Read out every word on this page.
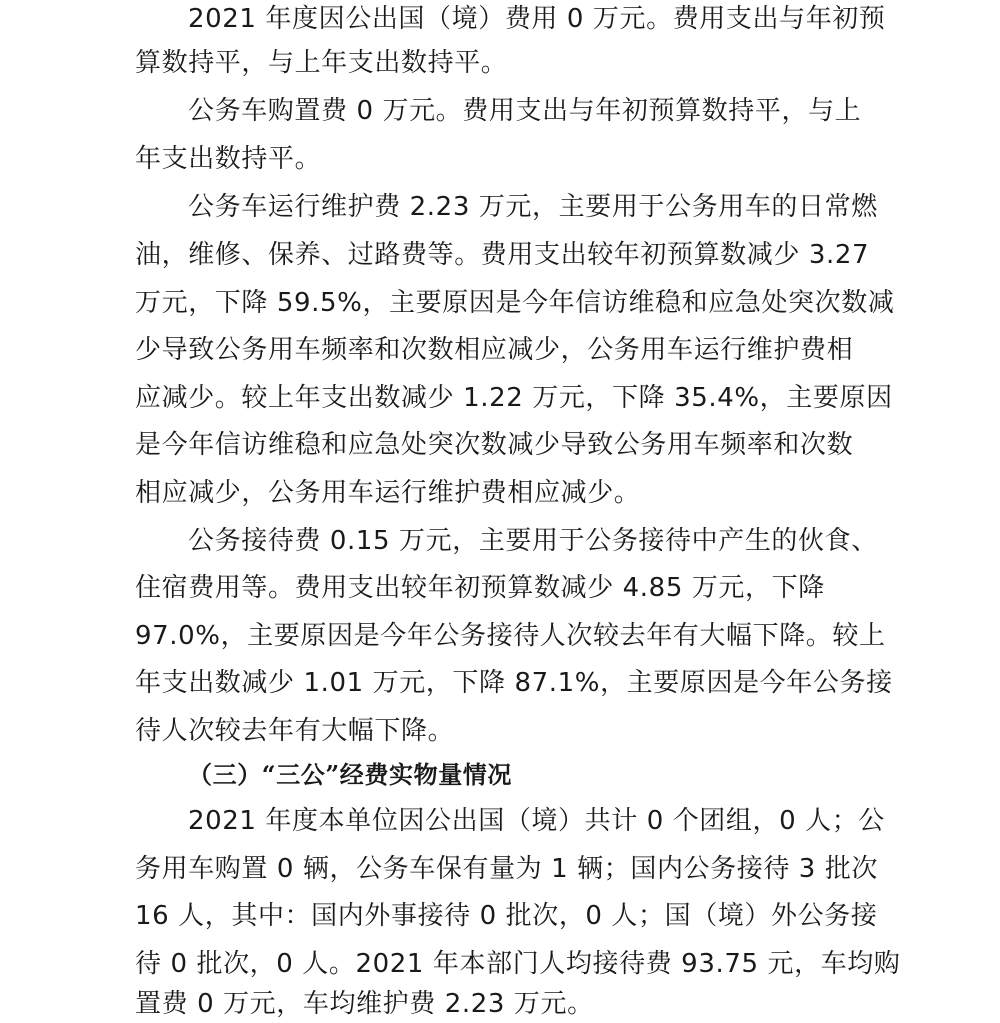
2021 年度因公出国（境）费用 0 万元。费用支出与年初预
算数持平，与上年支出数持平。
公务车购置费 0 万元。费用支出与年初预算数持平，与上
年支出数持平。
公务车运行维护费 2.23 万元，主要用于公务用车的日常燃
油，维修、保养、过路费等。费用支出较年初预算数减少 3.27
万元，下降 59.5%，主要原因是今年信访维稳和应急处突次数减
少导致公务用车频率和次数相应减少，公务用车运行维护费相
应减少。较上年支出数减少 1.22 万元，下降 35.4%，主要原因
是今年信访维稳和应急处突次数减少导致公务用车频率和次数
相应减少，公务用车运行维护费相应减少。
公务接待费 0.15 万元，主要用于公务接待中产生的伙食、
住宿费用等。费用支出较年初预算数减少 4.85 万元，下降
97.0%，主要原因是今年公务接待人次较去年有大幅下降。较上
年支出数减少 1.01 万元，下降 87.1%，主要原因是今年公务接
待人次较去年有大幅下降。
（三）“三公”经费实物量情况
2021 年度本单位因公出国（境）共计 0 个团组，0 人；公
务用车购置 0 辆，公务车保有量为 1 辆；国内公务接待 3 批次
16 人，其中：国内外事接待 0 批次，0 人；国（境）外公务接
待 0 批次，0 人。2021 年本部门人均接待费 93.75 元，车均购
置费 0 万元，车均维护费 2.23 万元。
